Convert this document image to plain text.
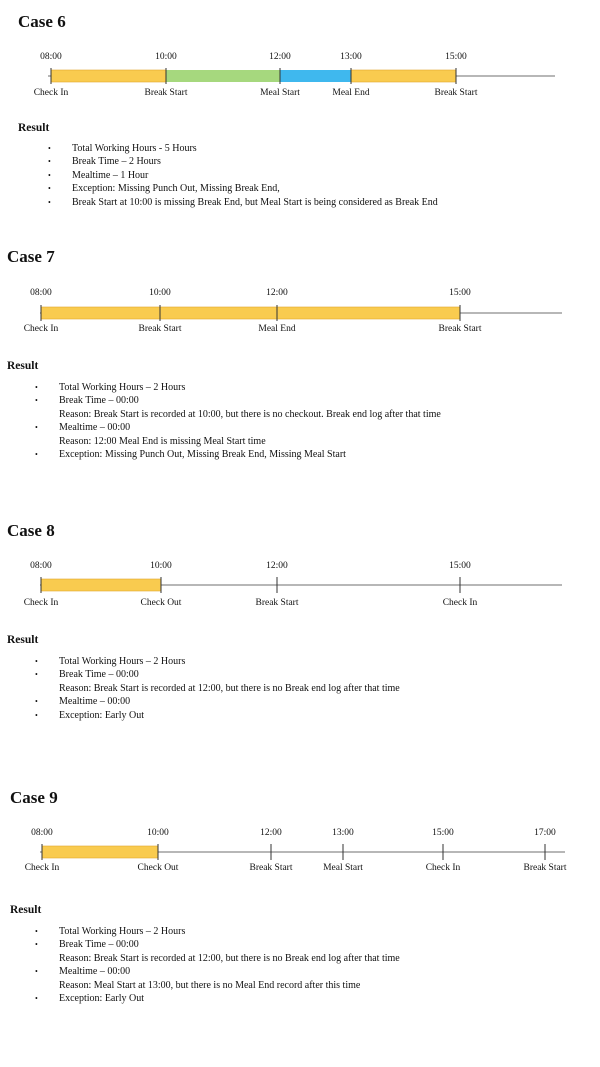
Case 6
08:00
Check In
10:00
Break Start
12:00
Meal Start
13:00
Meal End
15:00
Break Start
Result
• Total Working Hours - 5 Hours
• Break Time – 2 Hours
• Mealtime – 1 Hour
• Exception: Missing Punch Out, Missing Break End,
• Break Start at 10:00 is missing Break End, but Meal Start is being considered as Break End
Case 7
08:00
Check In
10:00
Break Start
12:00
Meal End
15:00
Break Start
Result
• Total Working Hours – 2 Hours
• Break Time – 00:00
Reason: Break Start is recorded at 10:00, but there is no checkout. Break end log after that time
• Mealtime – 00:00
Reason: 12:00 Meal End is missing Meal Start time
• Exception: Missing Punch Out, Missing Break End, Missing Meal Start
Case 8
08:00
Check In
10:00
Check Out
12:00
Break Start
15:00
Check In
Result
• Total Working Hours – 2 Hours
• Break Time – 00:00
Reason: Break Start is recorded at 12:00, but there is no Break end log after that time
• Mealtime – 00:00
• Exception: Early Out
Case 9
08:00
Check In
10:00
Check Out
12:00
Break Start
13:00
Meal Start
15:00
Check In
17:00
Break Start
Result
• Total Working Hours – 2 Hours
• Break Time – 00:00
Reason: Break Start is recorded at 12:00, but there is no Break end log after that time
• Mealtime – 00:00
Reason: Meal Start at 13:00, but there is no Meal End record after this time
• Exception: Early Out
